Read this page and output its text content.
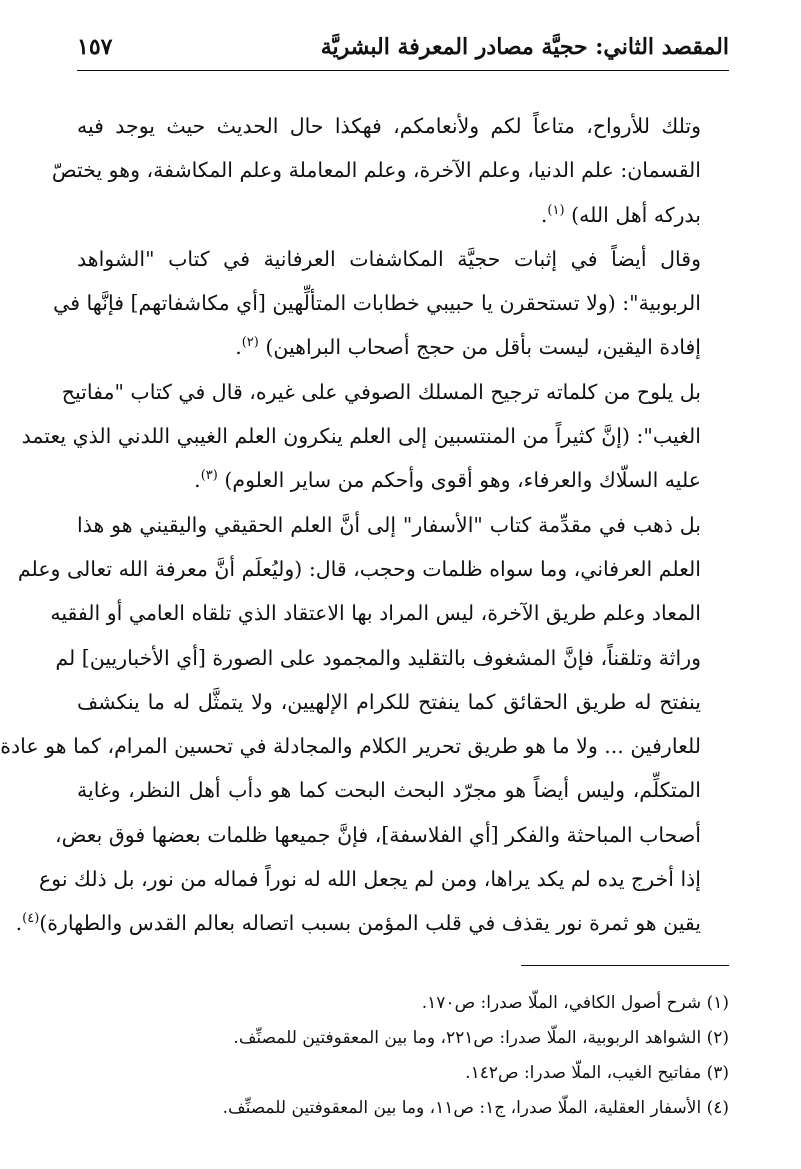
المقصد الثاني: حجيَّة مصادر المعرفة البشريَّة
١٥٧

وتلك للأرواح، متاعاً لكم ولأنعامكم، فهكذا حال الحديث حيث يوجد فيه
القسمان: علم الدنيا، وعلم الآخرة، وعلم المعاملة وعلم المكاشفة، وهو يختصّ
بدركه أهل الله) $^{(١)}$.

وقال أيضاً في إثبات حجيَّة المكاشفات العرفانية في كتاب "الشواهد
الربوبية": (ولا تستحقرن يا حبيبي خطابات المتألِّهين [أي مكاشفاتهم] فإنَّها في
إفادة اليقين، ليست بأقل من حجج أصحاب البراهين) $^{(٢)}$.

بل يلوح من كلماته ترجيح المسلك الصوفي على غيره، قال في كتاب "مفاتيح
الغيب": (إنَّ كثيراً من المنتسبين إلى العلم ينكرون العلم الغيبي اللدني الذي يعتمد
عليه السلّاك والعرفاء، وهو أقوى وأحكم من ساير العلوم) $^{(٣)}$.

بل ذهب في مقدِّمة كتاب "الأسفار" إلى أنَّ العلم الحقيقي واليقيني هو هذا
العلم العرفاني، وما سواه ظلمات وحجب، قال: (وليُعلَم أنَّ معرفة الله تعالى وعلم
المعاد وعلم طريق الآخرة، ليس المراد بها الاعتقاد الذي تلقاه العامي أو الفقيه
وراثة وتلقناً، فإنَّ المشغوف بالتقليد والمجمود على الصورة [أي الأخباريين] لم
ينفتح له طريق الحقائق كما ينفتح للكرام الإلهيين، ولا يتمثَّل له ما ينكشف
للعارفين ... ولا ما هو طريق تحرير الكلام والمجادلة في تحسين المرام، كما هو عادة
المتكلِّم، وليس أيضاً هو مجرّد البحث البحت كما هو دأب أهل النظر، وغاية
أصحاب المباحثة والفكر [أي الفلاسفة]، فإنَّ جميعها ظلمات بعضها فوق بعض،
إذا أخرج يده لم يكد يراها، ومن لم يجعل الله له نوراً فماله من نور، بل ذلك نوع
يقين هو ثمرة نور يقذف في قلب المؤمن بسبب اتصاله بعالم القدس والطهارة)$^{(٤)}$.

(١) شرح أصول الكافي، الملّا صدرا: ص١٧٠.
(٢) الشواهد الربوبية، الملّا صدرا: ص٢٢١، وما بين المعقوفتين للمصنِّف.
(٣) مفاتيح الغيب، الملّا صدرا: ص١٤٢.
(٤) الأسفار العقلية، الملّا صدرا، ج١: ص١١، وما بين المعقوفتين للمصنِّف.
